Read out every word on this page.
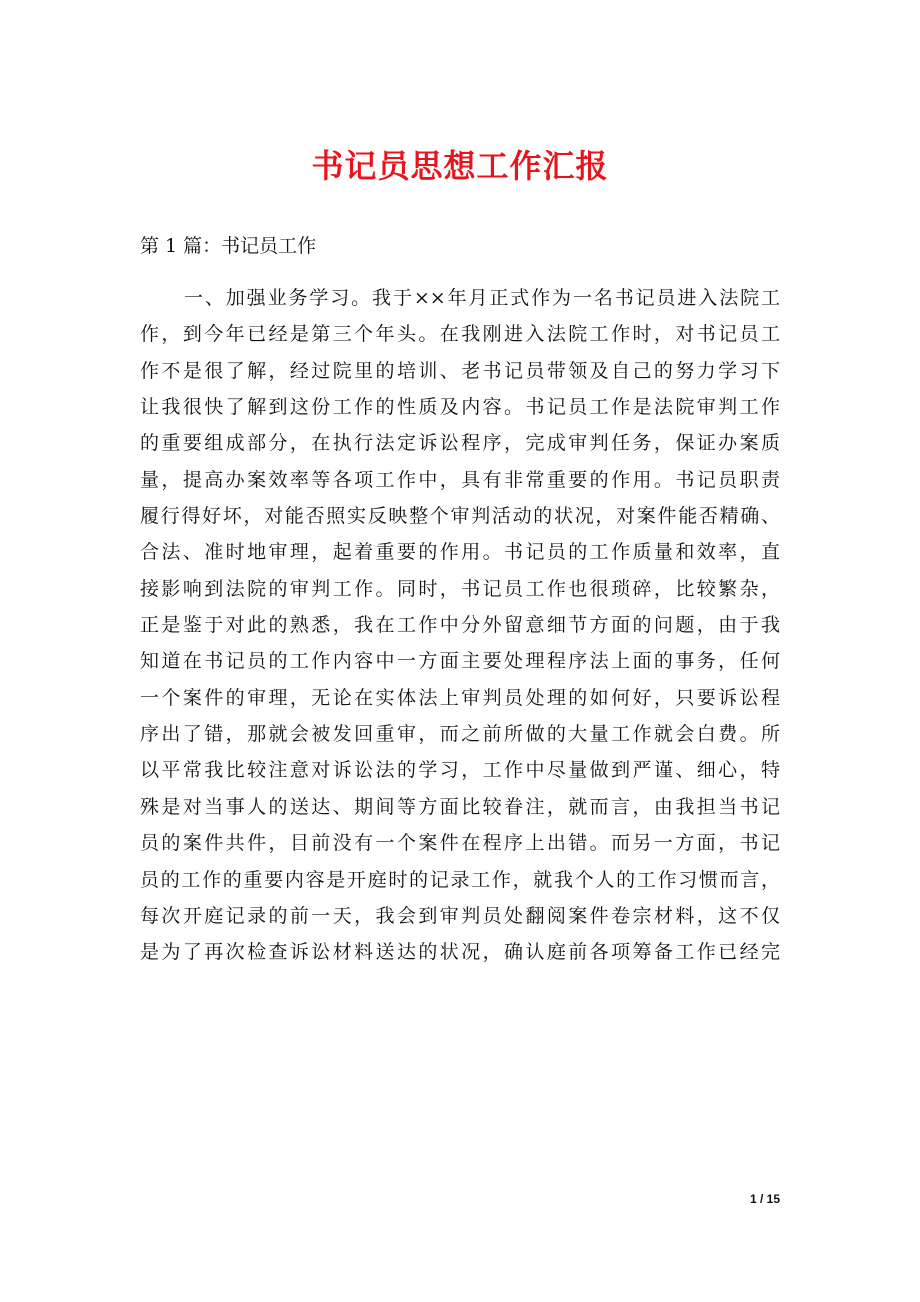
书记员思想工作汇报
第 1 篇：书记员工作
一、加强业务学习。我于××年月正式作为一名书记员进入法院工
作，到今年已经是第三个年头。在我刚进入法院工作时，对书记员工
作不是很了解，经过院里的培训、老书记员带领及自己的努力学习下
让我很快了解到这份工作的性质及内容。书记员工作是法院审判工作
的重要组成部分，在执行法定诉讼程序，完成审判任务，保证办案质
量，提高办案效率等各项工作中，具有非常重要的作用。书记员职责
履行得好坏，对能否照实反映整个审判活动的状况，对案件能否精确、
合法、准时地审理，起着重要的作用。书记员的工作质量和效率，直
接影响到法院的审判工作。同时，书记员工作也很琐碎，比较繁杂，
正是鉴于对此的熟悉，我在工作中分外留意细节方面的问题，由于我
知道在书记员的工作内容中一方面主要处理程序法上面的事务，任何
一个案件的审理，无论在实体法上审判员处理的如何好，只要诉讼程
序出了错，那就会被发回重审，而之前所做的大量工作就会白费。所
以平常我比较注意对诉讼法的学习，工作中尽量做到严谨、细心，特
殊是对当事人的送达、期间等方面比较眷注，就而言，由我担当书记
员的案件共件，目前没有一个案件在程序上出错。而另一方面，书记
员的工作的重要内容是开庭时的记录工作，就我个人的工作习惯而言，
每次开庭记录的前一天，我会到审判员处翻阅案件卷宗材料，这不仅
是为了再次检查诉讼材料送达的状况，确认庭前各项筹备工作已经完
1 / 15
